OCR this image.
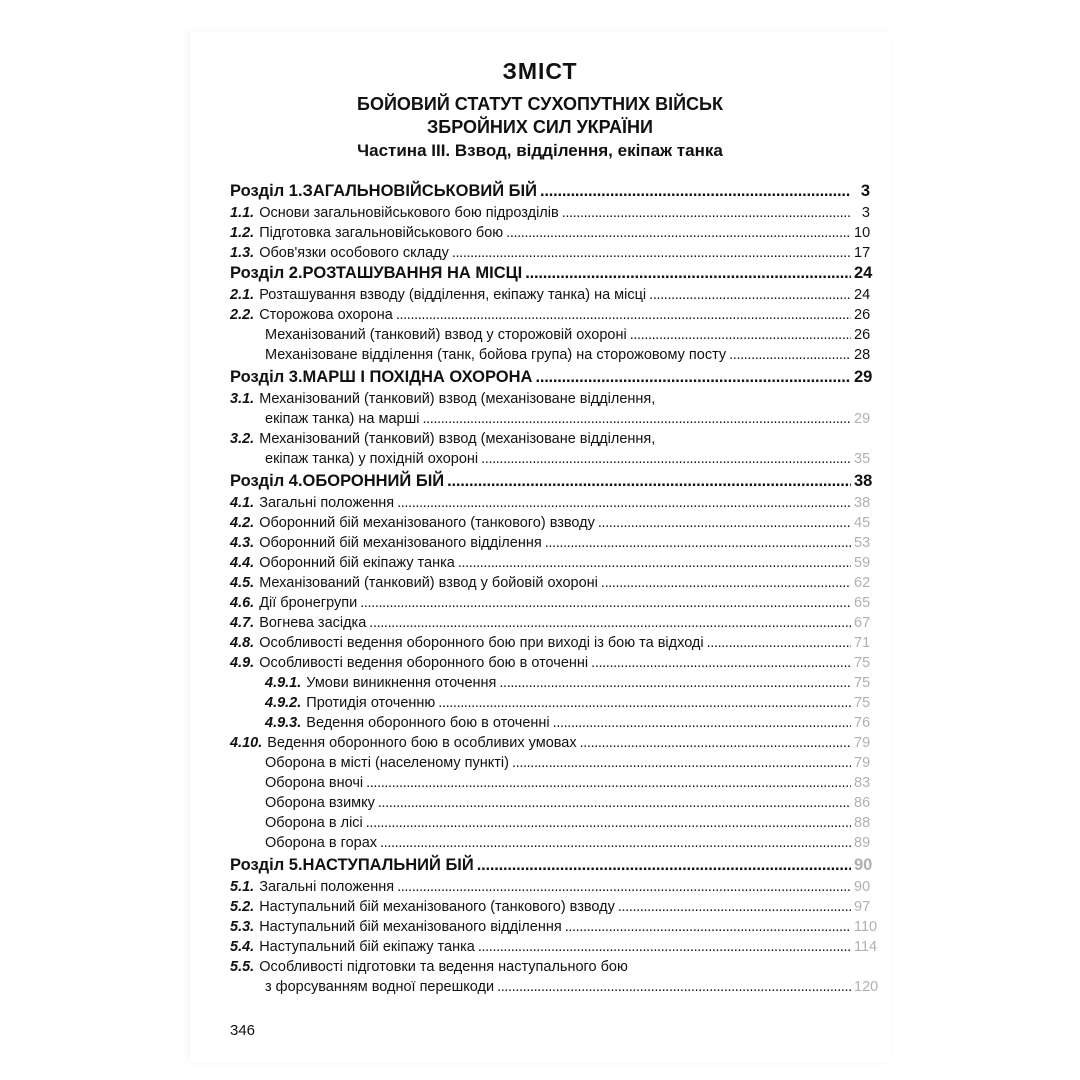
ЗМІСТ
БОЙОВИЙ СТАТУТ СУХОПУТНИХ ВІЙСЬК
ЗБРОЙНИХ СИЛ УКРАЇНИ
Частина ІІІ. Взвод, відділення, екіпаж танка
Розділ 1. ЗАГАЛЬНОВІЙСЬКОВИЙ БІЙ . . .	3
1.1. Основи загальновійськового бою підрозділів . . .	3
1.2. Підготовка загальновійськового бою . . .	10
1.3. Обов'язки особового складу . . .	17
Розділ 2. РОЗТАШУВАННЯ НА МІСЦІ . . .	24
2.1. Розташування взводу (відділення, екіпажу танка) на місці . . .	24
2.2. Сторожова охорона . . .	26
Механізований (танковий) взвод у сторожовій охороні . . .	26
Механізоване відділення (танк, бойова група) на сторожовому посту . . .	28
Розділ 3. МАРШ І ПОХІДНА ОХОРОНА . . .	29
3.1. Механізований (танковий) взвод (механізоване відділення,
екіпаж танка) на марші . . .	29
3.2. Механізований (танковий) взвод (механізоване відділення,
екіпаж танка) у похідній охороні . . .	35
Розділ 4. ОБОРОННИЙ БІЙ . . .	38
4.1. Загальні положення . . .	38
4.2. Оборонний бій механізованого (танкового) взводу . . .	45
4.3. Оборонний бій механізованого відділення . . .	53
4.4. Оборонний бій екіпажу танка . . .	59
4.5. Механізований (танковий) взвод у бойовій охороні . . .	62
4.6. Дії бронегрупи . . .	65
4.7. Вогнева засідка . . .	67
4.8. Особливості ведення оборонного бою при виході із бою та відході . . .	71
4.9. Особливості ведення оборонного бою в оточенні . . .	75
4.9.1. Умови виникнення оточення . . .	75
4.9.2. Протидія оточенню . . .	75
4.9.3. Ведення оборонного бою в оточенні . . .	76
4.10. Ведення оборонного бою в особливих умовах . . .	79
Оборона в місті (населеному пункті) . . .	79
Оборона вночі . . .	83
Оборона взимку . . .	86
Оборона в лісі . . .	88
Оборона в горах . . .	89
Розділ 5. НАСТУПАЛЬНИЙ БІЙ . . .	90
5.1. Загальні положення . . .	90
5.2. Наступальний бій механізованого (танкового) взводу . . .	97
5.3. Наступальний бій механізованого відділення . . .	110
5.4. Наступальний бій екіпажу танка . . .	114
5.5. Особливості підготовки та ведення наступального бою
з форсуванням водної перешкоди . . .	120
346
